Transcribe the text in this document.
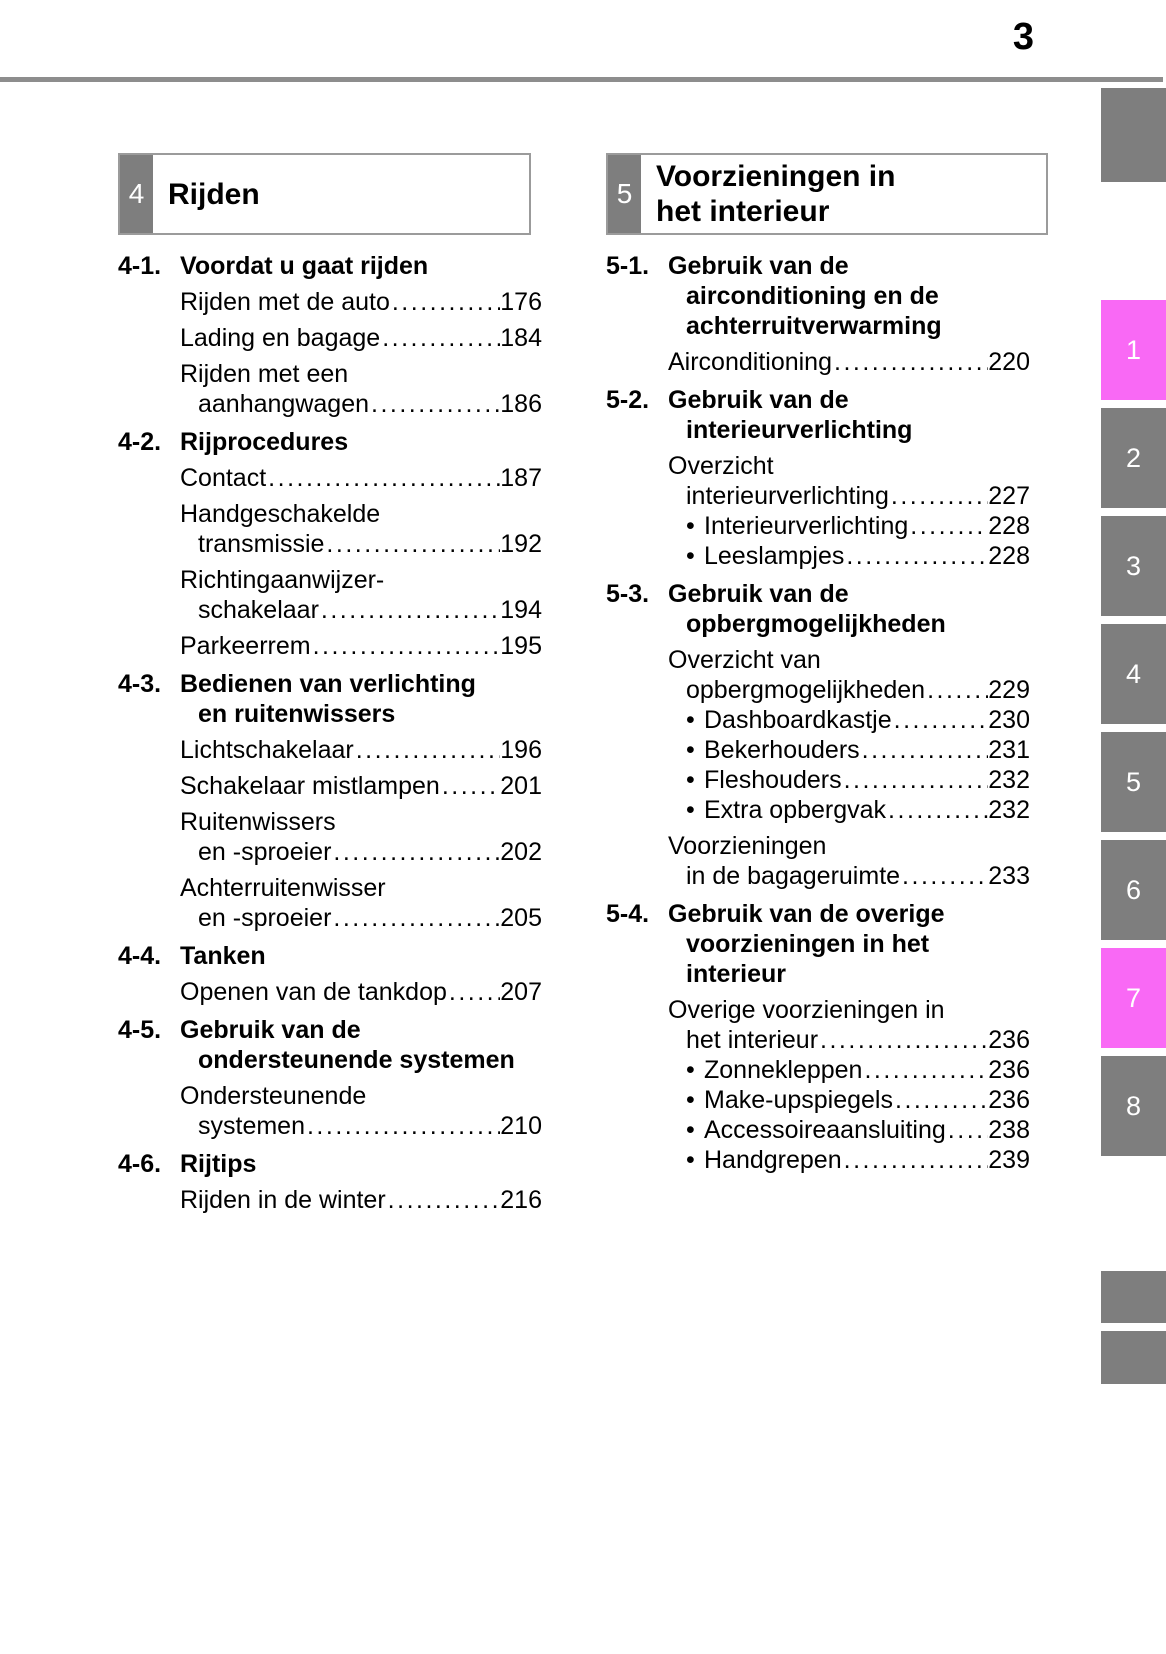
3
4 Rijden
4-1. Voordat u gaat rijden
Rijden met de auto .....	176
Lading en bagage .....	184
Rijden met een
aanhangwagen .....	186
4-2. Rijprocedures
Contact .....	187
Handgeschakelde
transmissie .....	192
Richtingaanwijzer-
schakelaar .....	194
Parkeerrem .....	195
4-3. Bedienen van verlichting
en ruitenwissers
Lichtschakelaar .....	196
Schakelaar mistlampen ..... 201
Ruitenwissers
en -sproeier .....	202
Achterruitenwisser
en -sproeier .....	205
4-4. Tanken
Openen van de tankdop ..... 207
4-5. Gebruik van de
ondersteunende systemen
Ondersteunende
systemen .....	210
4-6. Rijtips
Rijden in de winter .....	216
5
Voorzieningen in
het interieur
5-1. Gebruik van de
airconditioning en de
achterruitverwarming
Airconditioning .....	220
5-2. Gebruik van de
interieurverlichting
Overzicht
interieurverlichting .....	227
• Interieurverlichting .....	228
• Leeslampjes .....	228
5-3. Gebruik van de
opbergmogelijkheden
Overzicht van
opbergmogelijkheden .....	229
• Dashboardkastje .....	230
• Bekerhouders .....	231
• Fleshouders .....	232
• Extra opbergvak .....	232
Voorzieningen
in de bagageruimte .....	233
5-4. Gebruik van de overige
voorzieningen in het
interieur
Overige voorzieningen in
het interieur .....	236
• Zonnekleppen .....	236
• Make-upspiegels .....	236
• Accessoireaansluiting ..... 238
• Handgrepen .....	239
1
2
3
4
5
6
7
8
